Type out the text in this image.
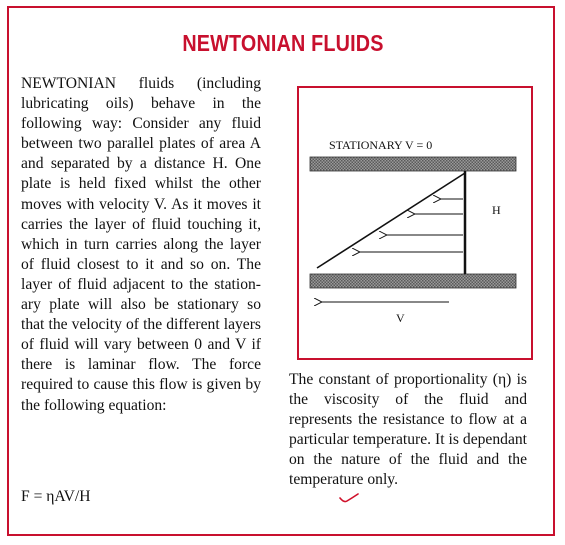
NEWTONIAN FLUIDS
STATIONARY V = 0
H
V
NEWTONIAN fluids (including lubricating oils) behave in the following way: Consider any fluid between two parallel plates of area A and separated by a distance H. One plate is held fixed whilst the other moves with velocity V. As it moves it carries the layer of fluid touching it, which in turn carries along the layer of fluid closest to it and so on. The layer of fluid adjacent to the stationary plate will also be stationary so that the velocity of the different layers of fluid will vary between 0 and V if there is laminar flow. The force required to cause this flow is given by the following equation:
F = ηAV/H
The constant of proportionality (η) is the viscosity of the fluid and represents the resistance to flow at a particular temperature. It is dependant on the nature of the fluid and the temperature only.
